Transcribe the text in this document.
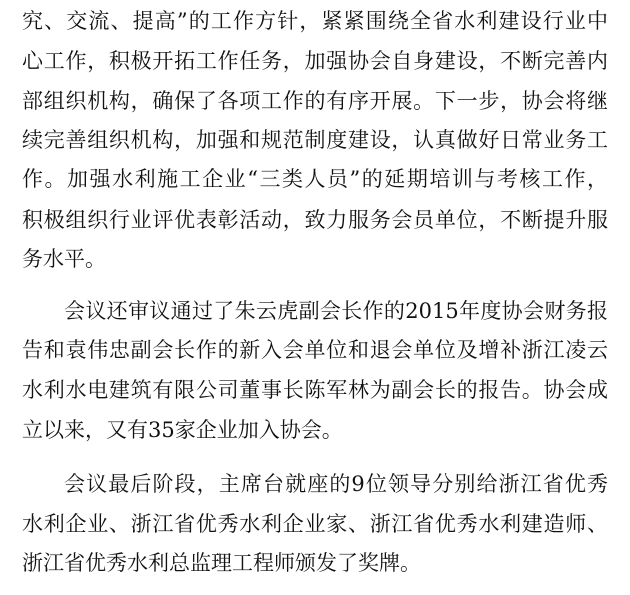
究、交流、提高”的工作方针，紧紧围绕全省水利建设行业中
心工作，积极开拓工作任务，加强协会自身建设，不断完善内
部组织机构，确保了各项工作的有序开展。下一步，协会将继
续完善组织机构，加强和规范制度建设，认真做好日常业务工
作。加强水利施工企业“三类人员”的延期培训与考核工作，
积极组织行业评优表彰活动，致力服务会员单位，不断提升服
务水平。
会议还审议通过了朱云虎副会长作的2015年度协会财务报
告和袁伟忠副会长作的新入会单位和退会单位及增补浙江凌云
水利水电建筑有限公司董事长陈军林为副会长的报告。协会成
立以来，又有35家企业加入协会。
会议最后阶段，主席台就座的9位领导分别给浙江省优秀
水利企业、浙江省优秀水利企业家、浙江省优秀水利建造师、
浙江省优秀水利总监理工程师颁发了奖牌。
